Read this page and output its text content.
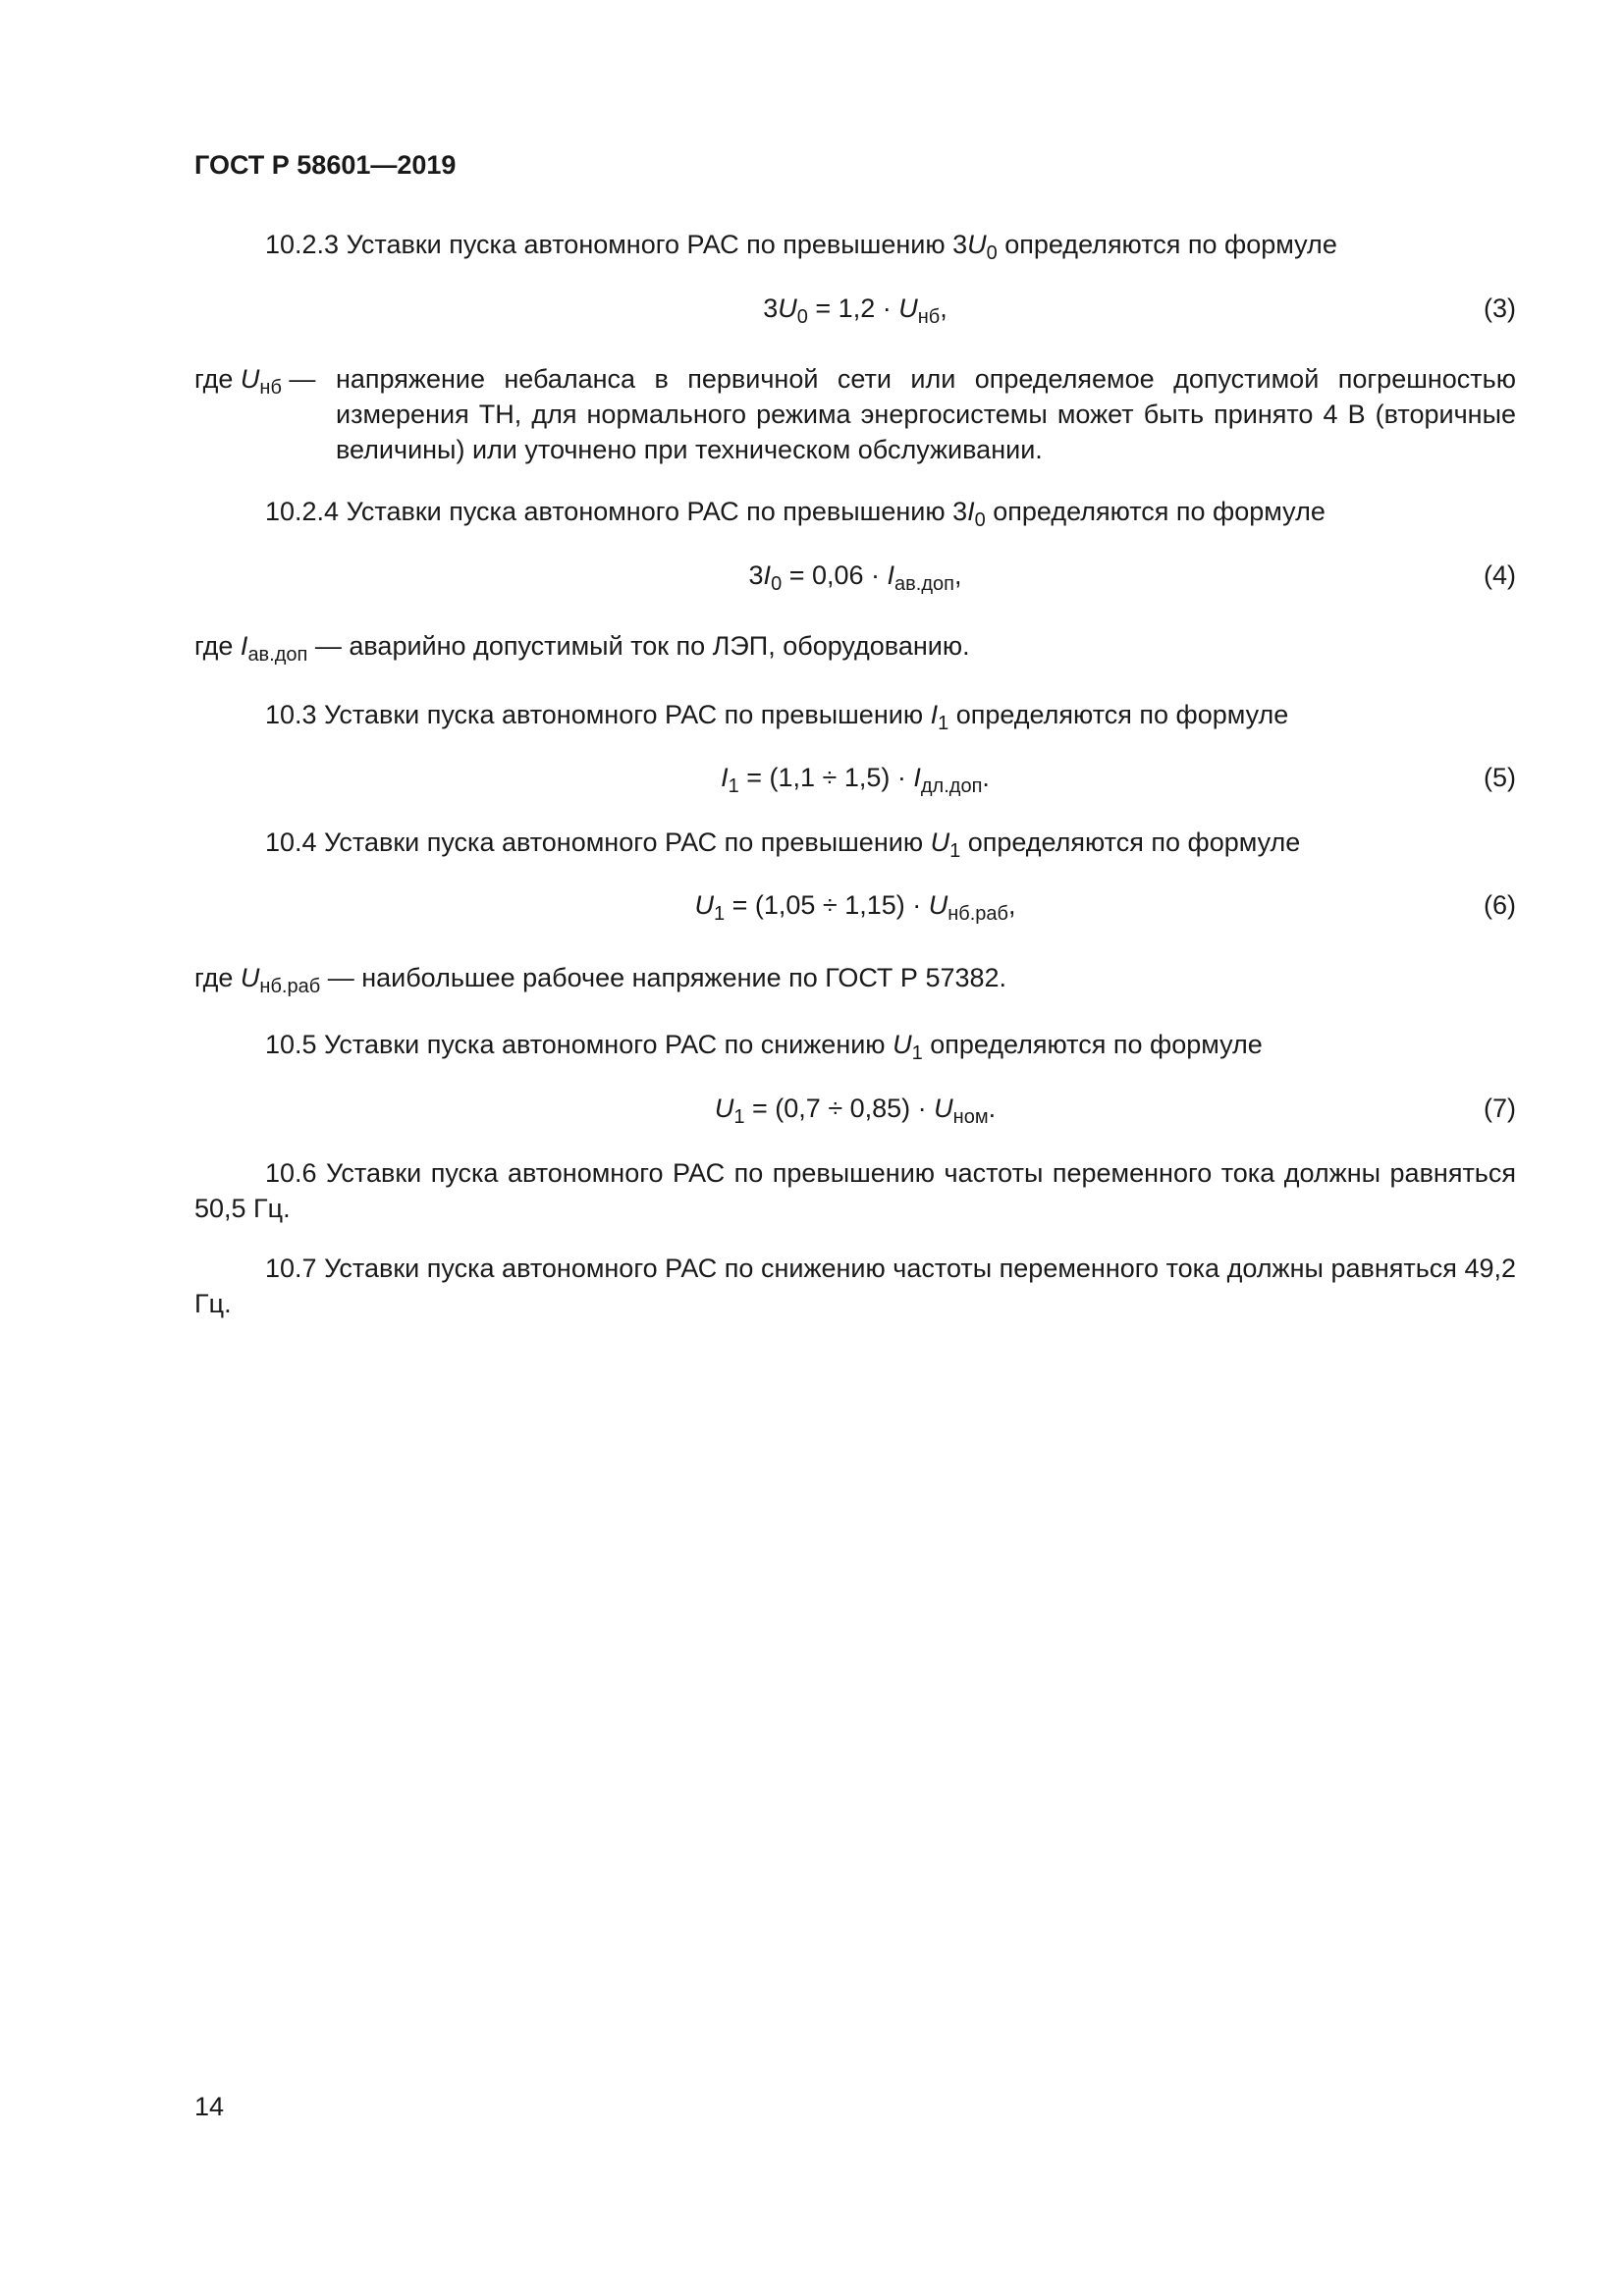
ГОСТ Р 58601—2019

10.2.3 Уставки пуска автономного РАС по превышению $3U_0$ определяются по формуле

$3U_0 = 1,2 \cdot U_{нб}$,	(3)
где $U_{нб}$ — напряжение небаланса в первичной сети или определяемое допустимой погрешностью измерения ТН, для нормального режима энергосистемы может быть принято 4 В (вторичные величины) или уточнено при техническом обслуживании.

10.2.4 Уставки пуска автономного РАС по превышению $3I_0$ определяются по формуле

$3I_0 = 0,06 \cdot I_{ав.доп}$,	(4)
где $I_{ав.доп}$ — аварийно допустимый ток по ЛЭП, оборудованию.

10.3 Уставки пуска автономного РАС по превышению $I_1$ определяются по формуле

$I_1 = (1,1 \div 1,5) \cdot I_{дл.доп}$.	(5)

10.4 Уставки пуска автономного РАС по превышению $U_1$ определяются по формуле

$U_1 = (1,05 \div 1,15) \cdot U_{нб.раб}$,	(6)
где $U_{нб.раб}$ — наибольшее рабочее напряжение по ГОСТ Р 57382.

10.5 Уставки пуска автономного РАС по снижению $U_1$ определяются по формуле

$U_1 = (0,7 \div 0,85) \cdot U_{ном}$.	(7)

10.6 Уставки пуска автономного РАС по превышению частоты переменного тока должны равняться 50,5 Гц.

10.7 Уставки пуска автономного РАС по снижению частоты переменного тока должны равняться 49,2 Гц.

14
